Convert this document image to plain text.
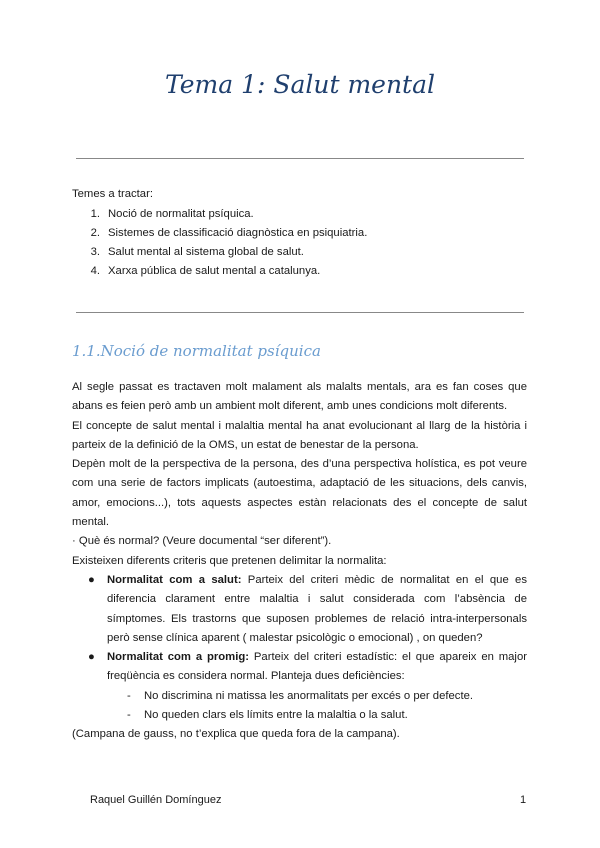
Tema 1: Salut mental
Temes a tractar:
1. Noció de normalitat psíquica.
2. Sistemes de classificació diagnòstica en psiquiatria.
3. Salut mental al sistema global de salut.
4. Xarxa pública de salut mental a catalunya.
1.1.Noció de normalitat psíquica

Al segle passat es tractaven molt malament als malalts mentals, ara es fan coses que abans es feien però amb un ambient molt diferent, amb unes condicions molt diferents.

El concepte de salut mental i malaltia mental ha anat evolucionant al llarg de la història i parteix de la definició de la OMS, un estat de benestar de la persona.

Depèn molt de la perspectiva de la persona, des d’una perspectiva holística, es pot veure com una serie de factors implicats (autoestima, adaptació de les situacions, dels canvis, amor, emocions...), tots aquests aspectes estàn relacionats des el concepte de salut mental.

· Què és normal? (Veure documental “ser diferent”).

Existeixen diferents criteris que pretenen delimitar la normalita:

● Normalitat com a salut: Parteix del criteri mèdic de normalitat en el que es diferencia clarament entre malaltia i salut considerada com l’absència de símptomes. Els trastorns que suposen problemes de relació intra-interpersonals però sense clínica aparent ( malestar psicològic o emocional) , on queden?
● Normalitat com a promig: Parteix del criteri estadístic: el que apareix en major freqüència es considera normal. Planteja dues deficiències:
- No discrimina ni matissa les anormalitats per excés o per defecte.
- No queden clars els límits entre la malaltia o la salut.

(Campana de gauss, no t’explica que queda fora de la campana).

Raquel Guillén Domínguez	1
